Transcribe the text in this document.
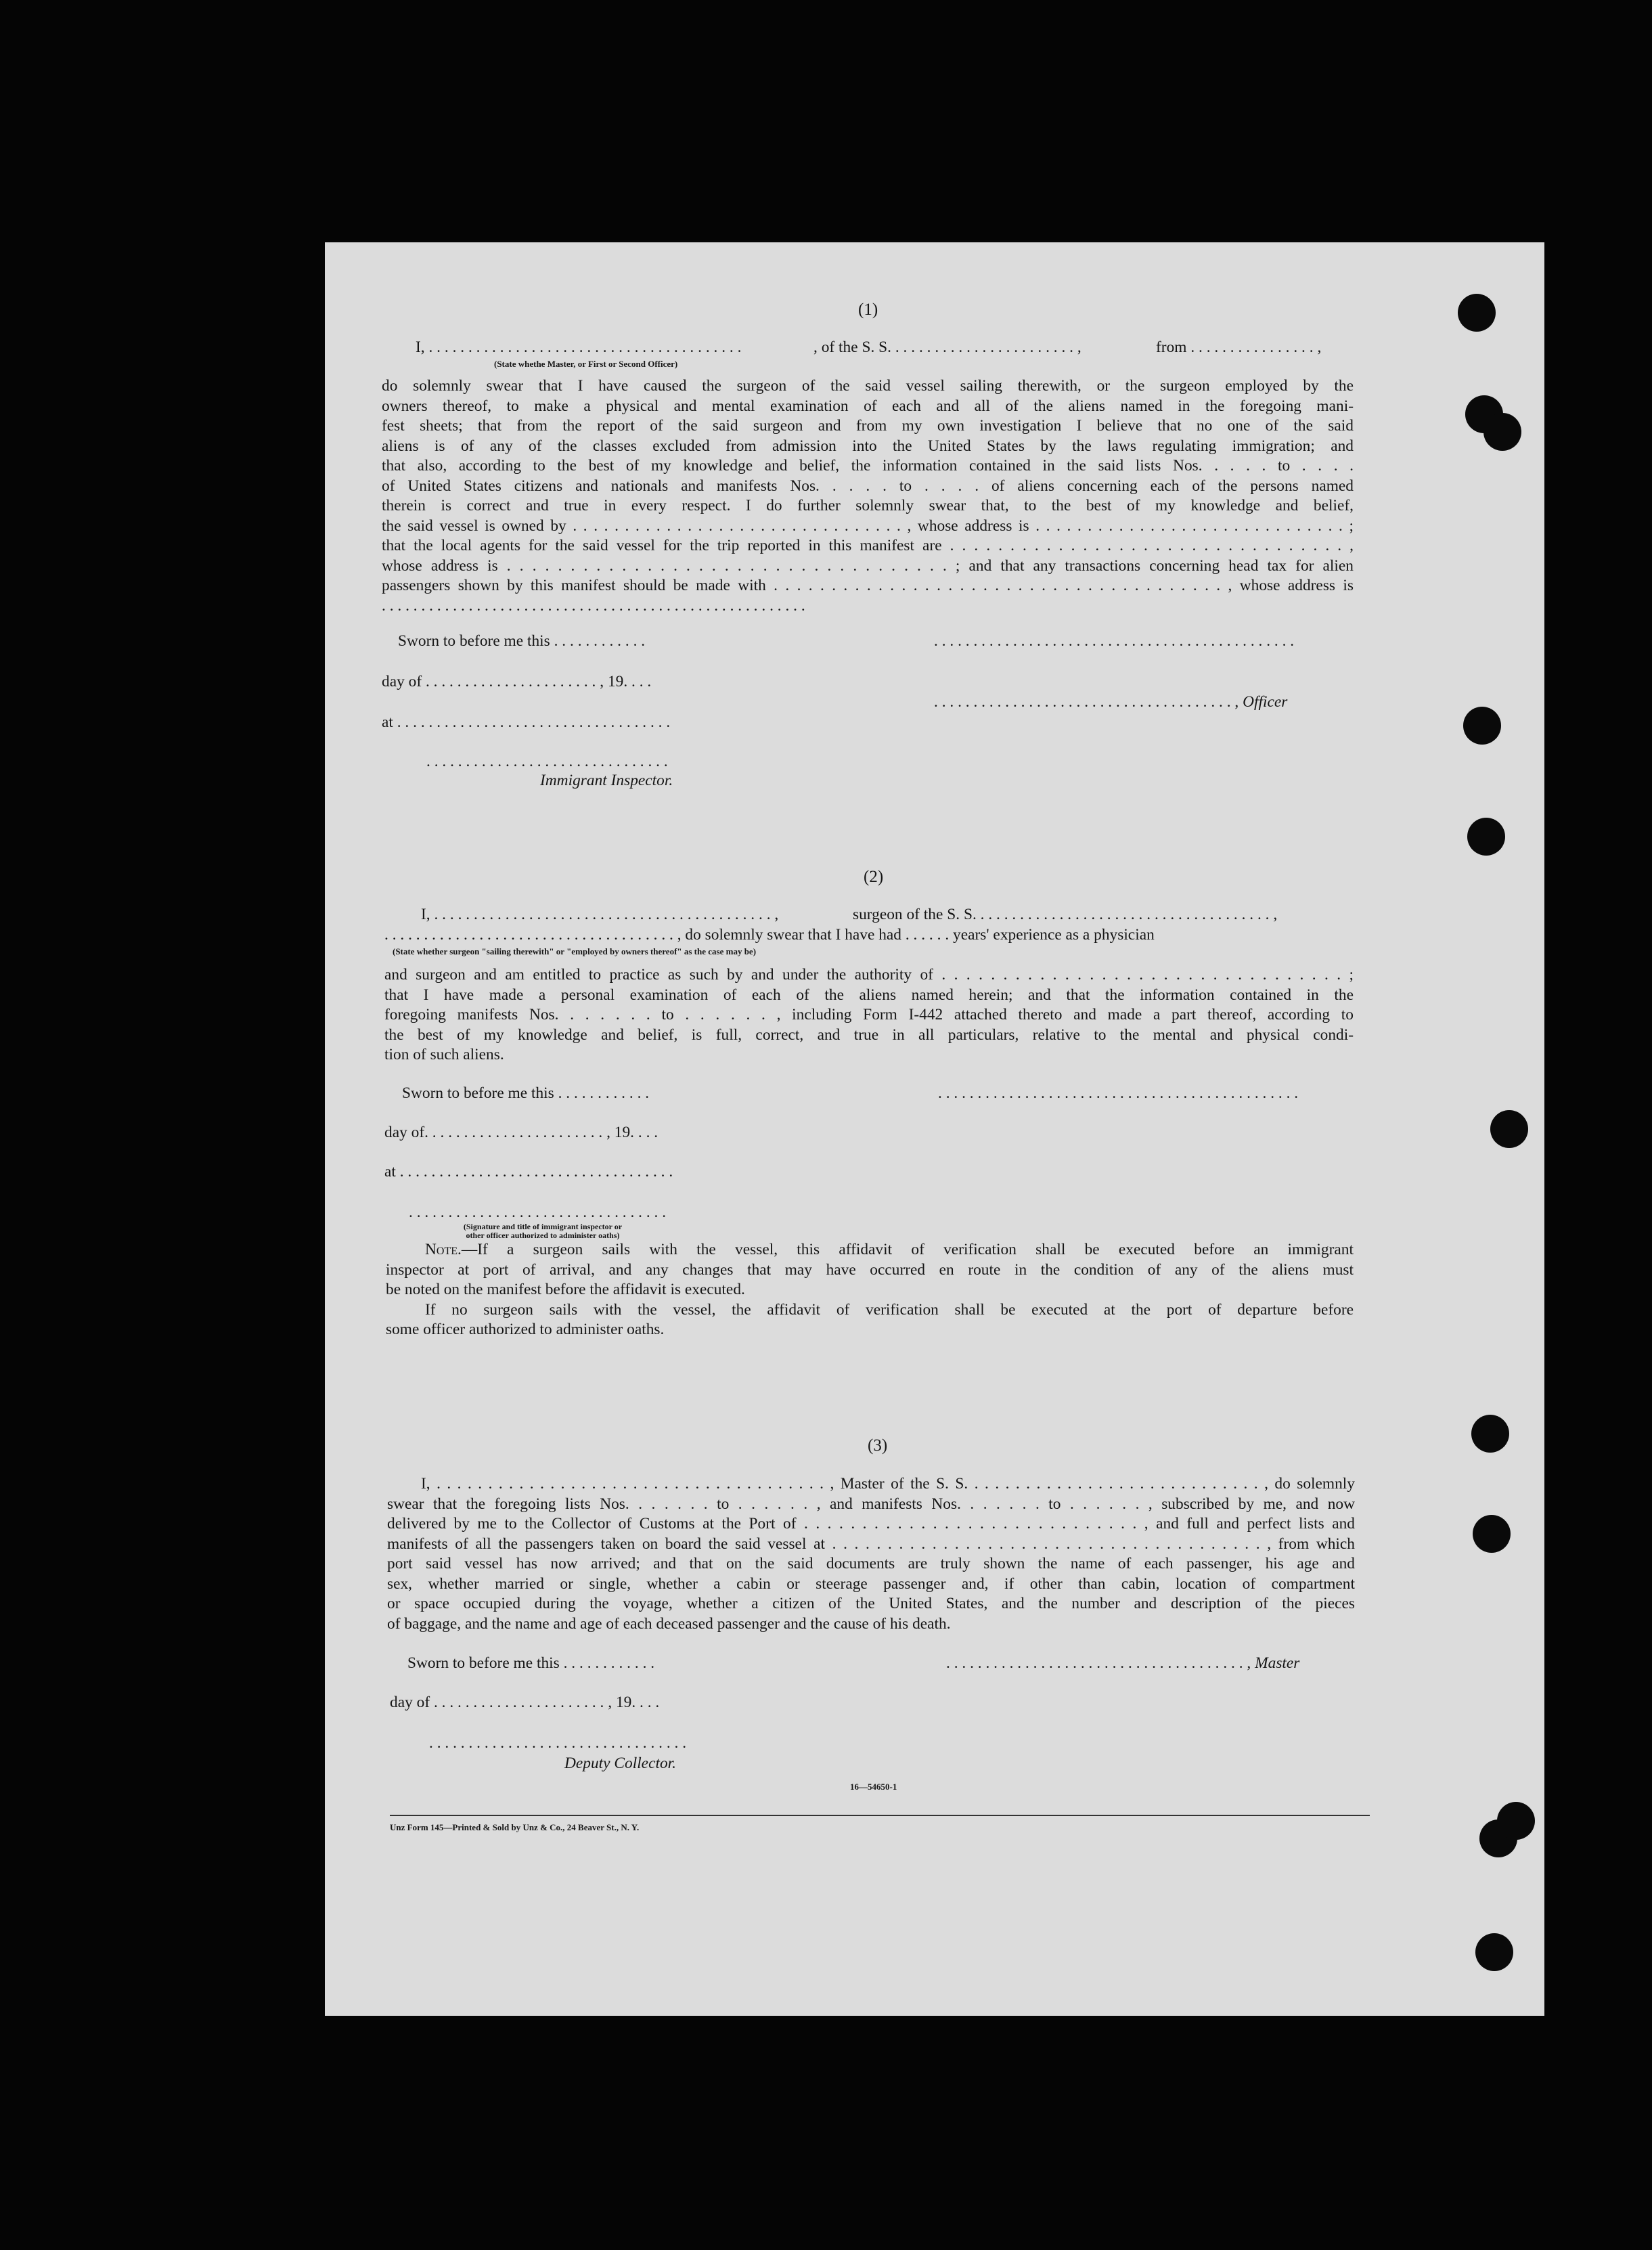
(1)
I, . . . . . . . . . . . . . . . . . . . . . . . . . . . . . . . . . . . . . . . .	, of the S. S. . . . . . . . . . . . . . . . . . . . . . . . ,	from . . . . . . . . . . . . . . . . ,
(State whethe Master, or First or Second Officer)
do solemnly swear that I have caused the surgeon of the said vessel sailing therewith, or the surgeon employed by the
owners thereof, to make a physical and mental examination of each and all of the aliens named in the foregoing mani-
fest sheets; that from the report of the said surgeon and from my own investigation I believe that no one of the said
aliens is of any of the classes excluded from admission into the United States by the laws regulating immigration; and
that also, according to the best of my knowledge and belief, the information contained in the said lists Nos. . . . . to . . . .
of United States citizens and nationals and manifests Nos. . . . . to . . . . of aliens concerning each of the persons named
therein is correct and true in every respect. I do further solemnly swear that, to the best of my knowledge and belief,
the said vessel is owned by . . . . . . . . . . . . . . . . . . . . . . . . . . . . . . . . , whose address is . . . . . . . . . . . . . . . . . . . . . . . . . . . . . . ;
that the local agents for the said vessel for the trip reported in this manifest are . . . . . . . . . . . . . . . . . . . . . . . . . . . . . . . . . ,
whose address is . . . . . . . . . . . . . . . . . . . . . . . . . . . . . . . . . . . ; and that any transactions concerning head tax for alien
passengers shown by this manifest should be made with . . . . . . . . . . . . . . . . . . . . . . . . . . . . . . . . . . . . . . . , whose address is
. . . . . . . . . . . . . . . . . . . . . . . . . . . . . . . . . . . . . . . . . . . . . . . . . . . . . .
Sworn to before me this . . . . . . . . . . . .	. . . . . . . . . . . . . . . . . . . . . . . . . . . . . . . . . . . . . . . . . . . . . .
day of . . . . . . . . . . . . . . . . . . . . . . , 19. . . .
. . . . . . . . . . . . . . . . . . . . . . . . . . . . . . . . . . . . . . , Officer
at . . . . . . . . . . . . . . . . . . . . . . . . . . . . . . . . . . .
. . . . . . . . . . . . . . . . . . . . . . . . . . . . . . .
Immigrant Inspector.
(2)
I, . . . . . . . . . . . . . . . . . . . . . . . . . . . . . . . . . . . . . . . . . . . ,	surgeon of the S. S. . . . . . . . . . . . . . . . . . . . . . . . . . . . . . . . . . . . . . ,
. . . . . . . . . . . . . . . . . . . . . . . . . . . . . . . . . . . . . , do solemnly swear that I have had . . . . . . years' experience as a physician
(State whether surgeon "sailing therewith" or "employed by owners thereof" as the case may be)
and surgeon and am entitled to practice as such by and under the authority of . . . . . . . . . . . . . . . . . . . . . . . . . . . . . . . . . ;
that I have made a personal examination of each of the aliens named herein; and that the information contained in the
foregoing manifests Nos. . . . . . . to . . . . . . , including Form I-442 attached thereto and made a part thereof, according to
the best of my knowledge and belief, is full, correct, and true in all particulars, relative to the mental and physical condi-
tion of such aliens.
Sworn to before me this . . . . . . . . . . . .	. . . . . . . . . . . . . . . . . . . . . . . . . . . . . . . . . . . . . . . . . . . . . .
day of. . . . . . . . . . . . . . . . . . . . . . . , 19. . . .
at . . . . . . . . . . . . . . . . . . . . . . . . . . . . . . . . . . .
. . . . . . . . . . . . . . . . . . . . . . . . . . . . . . . . .
(Signature and title of immigrant inspector or
other officer authorized to administer oaths)
Note.—If a surgeon sails with the vessel, this affidavit of verification shall be executed before an immigrant
inspector at port of arrival, and any changes that may have occurred en route in the condition of any of the aliens must
be noted on the manifest before the affidavit is executed.
If no surgeon sails with the vessel, the affidavit of verification shall be executed at the port of departure before
some officer authorized to administer oaths.
(3)
I, . . . . . . . . . . . . . . . . . . . . . . . . . . . . . . . . . . . . . . , Master of the S. S. . . . . . . . . . . . . . . . . . . . . . . . . . . . . , do solemnly
swear that the foregoing lists Nos. . . . . . . to . . . . . . , and manifests Nos. . . . . . . to . . . . . . , subscribed by me, and now
delivered by me to the Collector of Customs at the Port of . . . . . . . . . . . . . . . . . . . . . . . . . . . . . , and full and perfect lists and
manifests of all the passengers taken on board the said vessel at . . . . . . . . . . . . . . . . . . . . . . . . . . . . . . . . . . . . . . . , from which
port said vessel has now arrived; and that on the said documents are truly shown the name of each passenger, his age and
sex, whether married or single, whether a cabin or steerage passenger and, if other than cabin, location of compartment
or space occupied during the voyage, whether a citizen of the United States, and the number and description of the pieces
of baggage, and the name and age of each deceased passenger and the cause of his death.
Sworn to before me this . . . . . . . . . . . .	. . . . . . . . . . . . . . . . . . . . . . . . . . . . . . . . . . . . . . , Master
day of . . . . . . . . . . . . . . . . . . . . . . , 19. . . .
. . . . . . . . . . . . . . . . . . . . . . . . . . . . . . . . .
Deputy Collector.
16—54650-1
Unz Form 145—Printed & Sold by Unz & Co., 24 Beaver St., N. Y.
